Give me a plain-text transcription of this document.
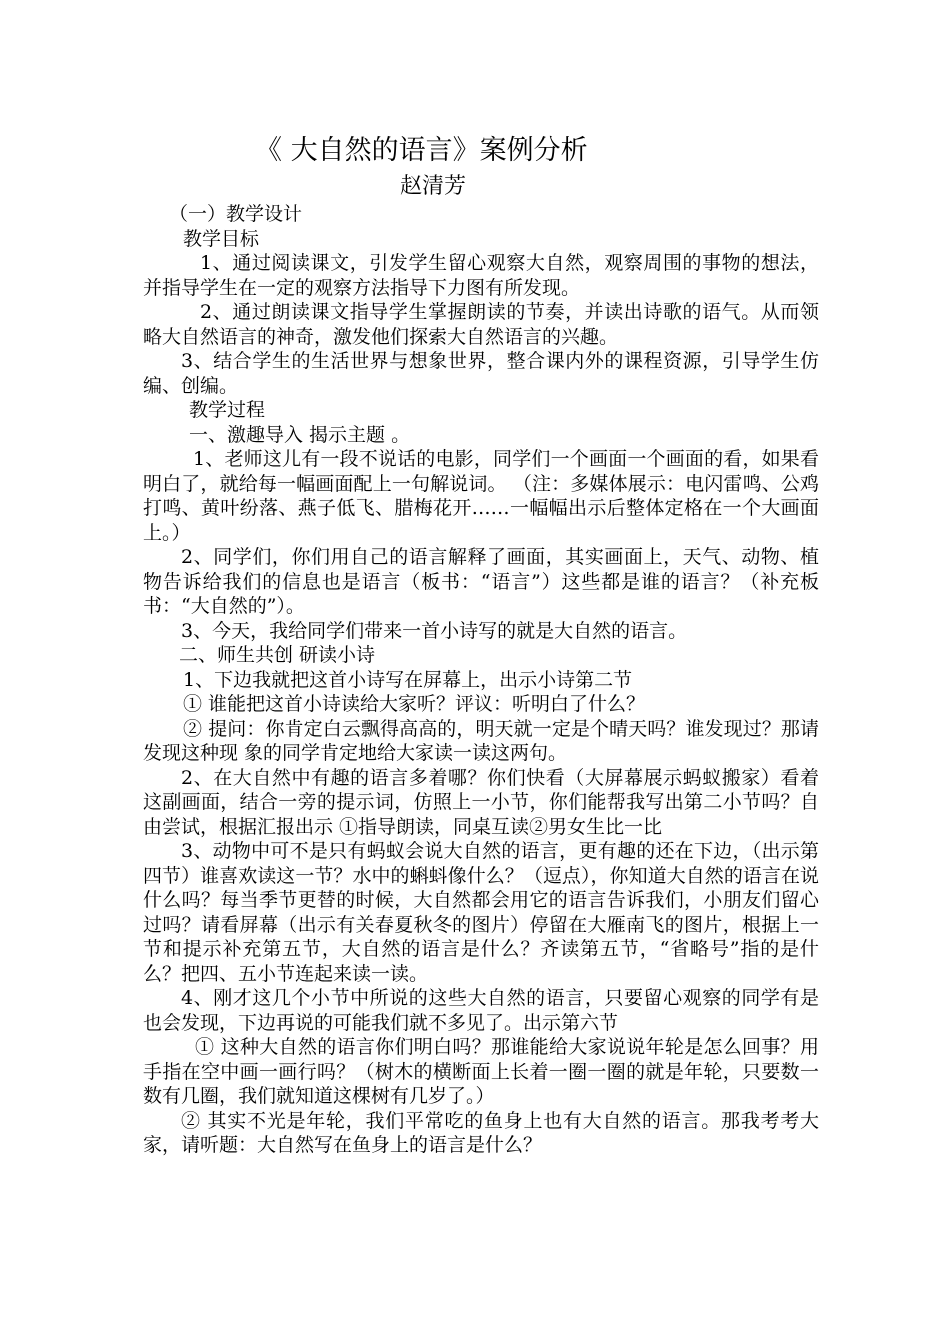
《 大自然的语言》案例分析
赵清芳

（一）教学设计

教学目标

1、通过阅读课文，引发学生留心观察大自然，观察周围的事物的想法，并指导学生在一定的观察方法指导下力图有所发现。

2、通过朗读课文指导学生掌握朗读的节奏，并读出诗歌的语气。从而领略大自然语言的神奇，激发他们探索大自然语言的兴趣。

3、结合学生的生活世界与想象世界，整合课内外的课程资源，引导学生仿编、创编。

教学过程

一、激趣导入 揭示主题 。

1、老师这儿有一段不说话的电影，同学们一个画面一个画面的看，如果看明白了，就给每一幅画面配上一句解说词。 （注：多媒体展示：电闪雷鸣、公鸡打鸣、黄叶纷落、燕子低飞、腊梅花开……一幅幅出示后整体定格在一个大画面上。）

2、同学们，你们用自己的语言解释了画面，其实画面上，天气、动物、植物告诉给我们的信息也是语言（板书：“语言”）这些都是谁的语言？（补充板书：“大自然的”）。

3、今天，我给同学们带来一首小诗写的就是大自然的语言。

二、师生共创 研读小诗

1、下边我就把这首小诗写在屏幕上，出示小诗第二节

① 谁能把这首小诗读给大家听？评议：听明白了什么？

② 提问：你肯定白云飘得高高的，明天就一定是个晴天吗？谁发现过？那请发现这种现 象的同学肯定地给大家读一读这两句。

2、在大自然中有趣的语言多着哪？你们快看（大屏幕展示蚂蚁搬家）看着这副画面，结合一旁的提示词，仿照上一小节，你们能帮我写出第二小节吗？自由尝试，根据汇报出示 ①指导朗读，同桌互读②男女生比一比

3、动物中可不是只有蚂蚁会说大自然的语言，更有趣的还在下边，（出示第四节）谁喜欢读这一节？水中的蝌蚪像什么？（逗点），你知道大自然的语言在说什么吗？每当季节更替的时候，大自然都会用它的语言告诉我们，小朋友们留心过吗？请看屏幕（出示有关春夏秋冬的图片）停留在大雁南飞的图片，根据上一节和提示补充第五节，大自然的语言是什么？齐读第五节，“省略号”指的是什么？把四、五小节连起来读一读。

4、刚才这几个小节中所说的这些大自然的语言，只要留心观察的同学有是也会发现，下边再说的可能我们就不多见了。出示第六节

① 这种大自然的语言你们明白吗？那谁能给大家说说年轮是怎么回事？用手指在空中画一画行吗？（树木的横断面上长着一圈一圈的就是年轮，只要数一数有几圈，我们就知道这棵树有几岁了。）

② 其实不光是年轮，我们平常吃的鱼身上也有大自然的语言。那我考考大家，请听题：大自然写在鱼身上的语言是什么？
